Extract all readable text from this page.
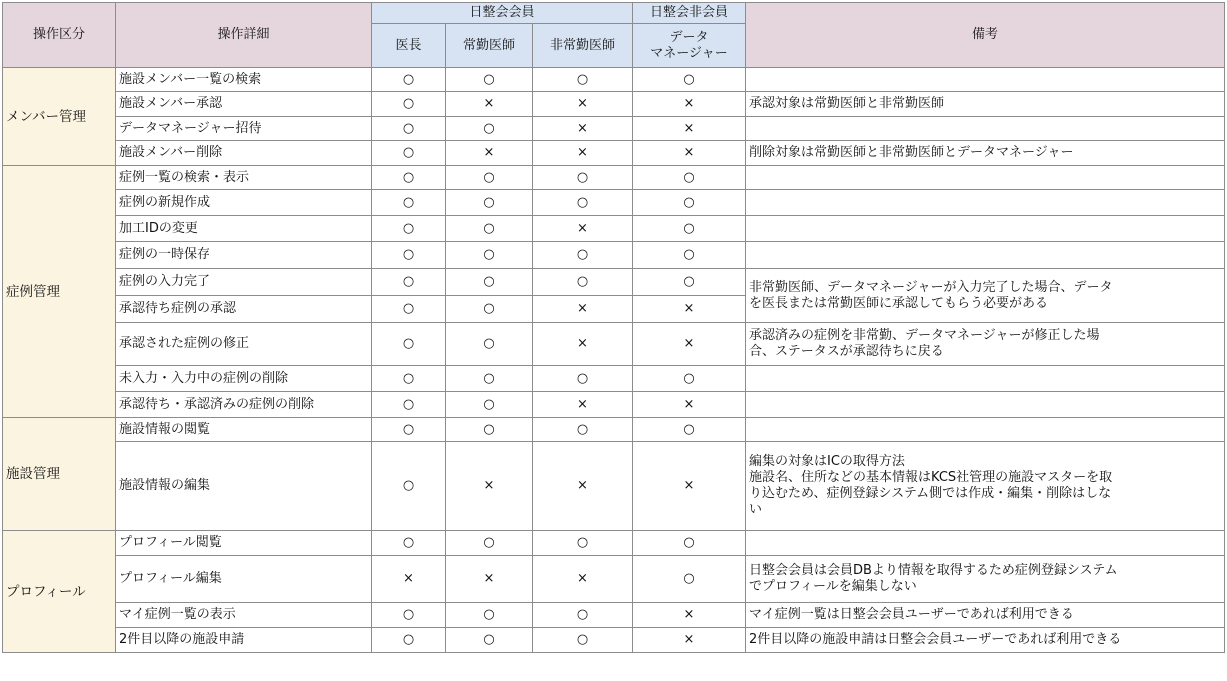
操作区分	操作詳細	日整会会員			日整会非会員	備考
		医長	常勤医師	非常勤医師	データ
マネージャー	

メンバー管理	施設メンバー一覧の検索	○	○	○	○	
	施設メンバー承認	○	×	×	×	承認対象は常勤医師と非常勤医師

	データマネージャー招待	○	○	×	×	
	施設メンバー削除	○	×	×	×	削除対象は常勤医師と非常勤医師とデータマネージャー

症例管理	症例一覧の検索・表示	○	○	○	○	
	症例の新規作成	○	○	○	○	
	加工IDの変更	○	○	×	○	
	症例の一時保存	○	○	○	○	
	症例の入力完了	○	○	○	○	非常勤医師、データマネージャーが入力完了した場合、データ
を医長または常勤医師に承認してもらう必要がある

	承認待ち症例の承認	○	○	×	×	
	承認された症例の修正	○	○	×	×	承認済みの症例を非常勤、データマネージャーが修正した場
合、ステータスが承認待ちに戻る

	未入力・入力中の症例の削除	○	○	○	○	
	承認待ち・承認済みの症例の削除	○	○	×	×	
施設管理	施設情報の閲覧	○	○	○	○	
	施設情報の編集	○	×	×	×	編集の対象はICの取得方法
施設名、住所などの基本情報はKCS社管理の施設マスターを取
り込むため、症例登録システム側では作成・編集・削除はしな
い

プロフィール	プロフィール閲覧	○	○	○	○	
	プロフィール編集	×	×	×	○	日整会会員は会員DBより情報を取得するため症例登録システム
でプロフィールを編集しない

	マイ症例一覧の表示	○	○	○	×	マイ症例一覧は日整会会員ユーザーであれば利用できる

	2件目以降の施設申請	○	○	○	×	2件目以降の施設申請は日整会会員ユーザーであれば利用できる
